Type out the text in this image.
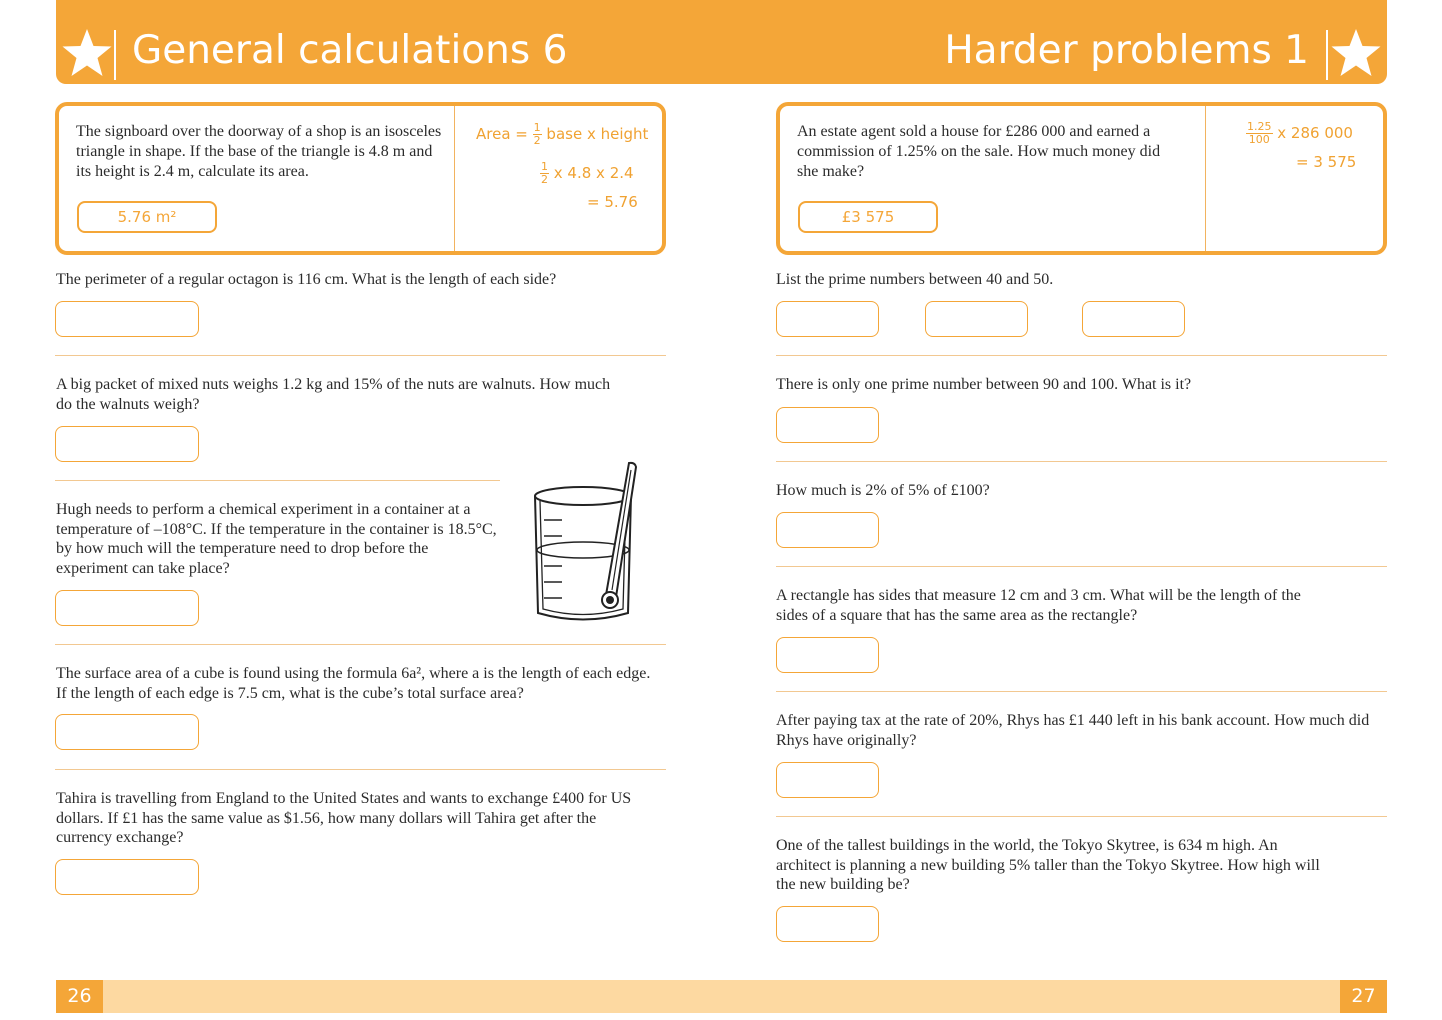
General calculations 6	Harder problems 1
The signboard over the doorway of a shop is an isosceles triangle in shape. If the base of the triangle is 4.8 m and its height is 2.4 m, calculate its area.
5.76 m²
Area = $\frac{1}{2}$ base x height
$\frac{1}{2}$ x 4.8 x 2.4
= 5.76
An estate agent sold a house for £286 000 and earned a commission of 1.25% on the sale. How much money did she make?
£3 575
$\frac{1.25}{100}$ x 286 000
= 3 575
The perimeter of a regular octagon is 116 cm. What is the length of each side?
A big packet of mixed nuts weighs 1.2 kg and 15% of the nuts are walnuts. How much do the walnuts weigh?
Hugh needs to perform a chemical experiment in a container at a temperature of –108°C. If the temperature in the container is 18.5°C, by how much will the temperature need to drop before the experiment can take place?
The surface area of a cube is found using the formula 6a², where a is the length of each edge. If the length of each edge is 7.5 cm, what is the cube’s total surface area?
Tahira is travelling from England to the United States and wants to exchange £400 for US dollars. If £1 has the same value as $1.56, how many dollars will Tahira get after the currency exchange?
List the prime numbers between 40 and 50.
There is only one prime number between 90 and 100. What is it?
How much is 2% of 5% of £100?
A rectangle has sides that measure 12 cm and 3 cm. What will be the length of the sides of a square that has the same area as the rectangle?
After paying tax at the rate of 20%, Rhys has £1 440 left in his bank account. How much did Rhys have originally?
One of the tallest buildings in the world, the Tokyo Skytree, is 634 m high. An architect is planning a new building 5% taller than the Tokyo Skytree. How high will the new building be?
26	27
